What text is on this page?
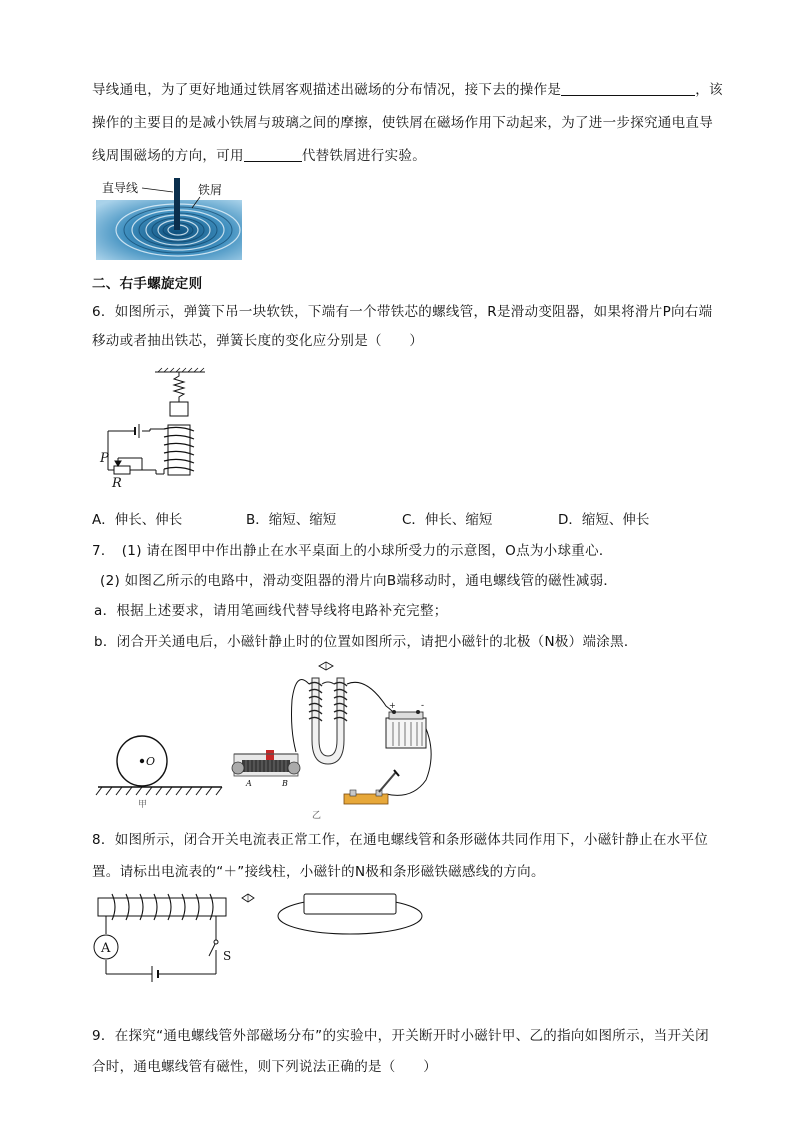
导线通电，为了更好地通过铁屑客观描述出磁场的分布情况，接下去的操作是	，该
操作的主要目的是减小铁屑与玻璃之间的摩擦，使铁屑在磁场作用下动起来，为了进一步探究通电直导
线周围磁场的方向，可用	代替铁屑进行实验。
直导线	铁屑
二、右手螺旋定则
6．如图所示，弹簧下吊一块软铁，下端有一个带铁芯的螺线管，R是滑动变阻器，如果将滑片P向右端
移动或者抽出铁芯，弹簧长度的变化应分别是（　　）
P
R
A．伸长、伸长	B．缩短、缩短	C．伸长、缩短	D．缩短、伸长
7．　(1) 请在图甲中作出静止在水平桌面上的小球所受力的示意图，O点为小球重心．
(2) 如图乙所示的电路中，滑动变阻器的滑片向B端移动时，通电螺线管的磁性减弱．
a．根据上述要求，请用笔画线代替导线将电路补充完整；
b．闭合开关通电后，小磁针静止时的位置如图所示，请把小磁针的北极（N极）端涂黑．
O
甲
+	-
A	B
乙
8．如图所示，闭合开关电流表正常工作，在通电螺线管和条形磁体共同作用下，小磁针静止在水平位
置。请标出电流表的“＋”接线柱，小磁针的N极和条形磁铁磁感线的方向。
A	S
9．在探究“通电螺线管外部磁场分布”的实验中，开关断开时小磁针甲、乙的指向如图所示，当开关闭
合时，通电螺线管有磁性，则下列说法正确的是（　　）
